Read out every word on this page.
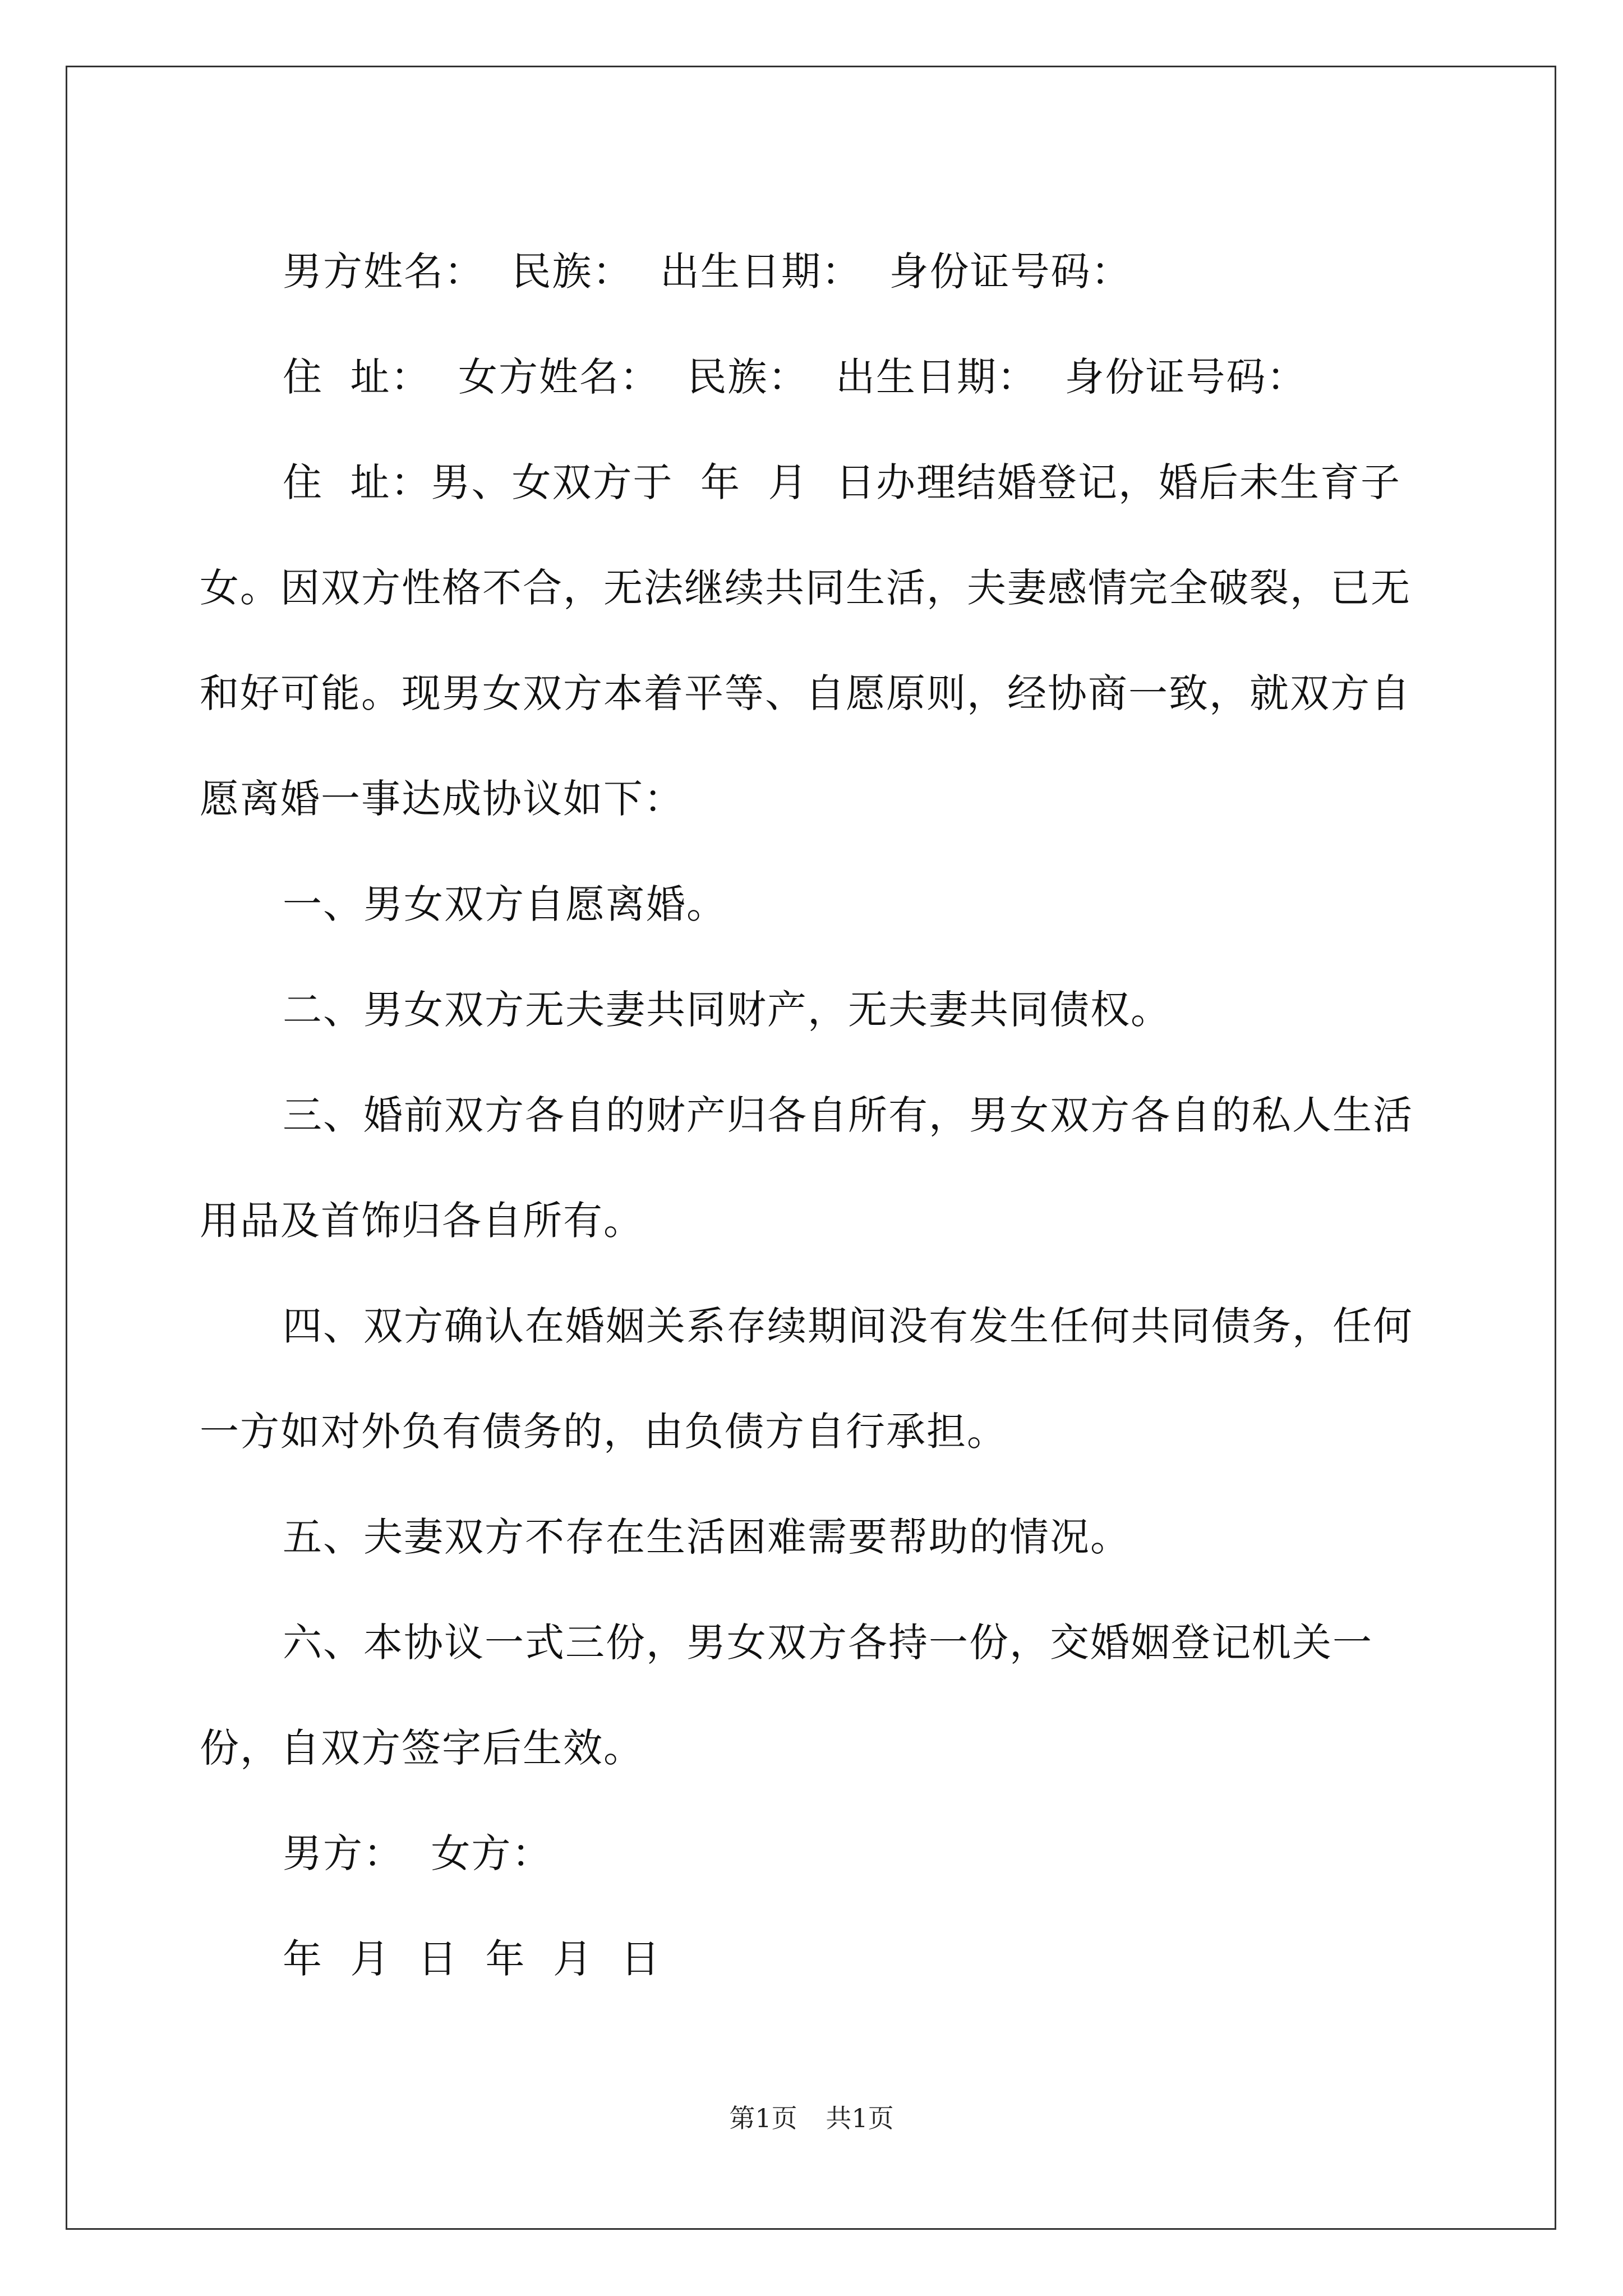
男方姓名：  民族：  出生日期：  身份证号码：

住  址：  女方姓名：  民族：  出生日期：  身份证号码：

住  址：男、女双方于  年  月  日办理结婚登记，婚后未生育子女。因双方性格不合，无法继续共同生活，夫妻感情完全破裂，已无和好可能。现男女双方本着平等、自愿原则，经协商一致，就双方自愿离婚一事达成协议如下：

一、男女双方自愿离婚。

二、男女双方无夫妻共同财产，无夫妻共同债权。

三、婚前双方各自的财产归各自所有，男女双方各自的私人生活用品及首饰归各自所有。

四、双方确认在婚姻关系存续期间没有发生任何共同债务，任何一方如对外负有债务的，由负债方自行承担。

五、夫妻双方不存在生活困难需要帮助的情况。

六、本协议一式三份，男女双方各持一份，交婚姻登记机关一份，自双方签字后生效。

男方：  女方：

年  月  日  年  月  日

第1页 共1页
